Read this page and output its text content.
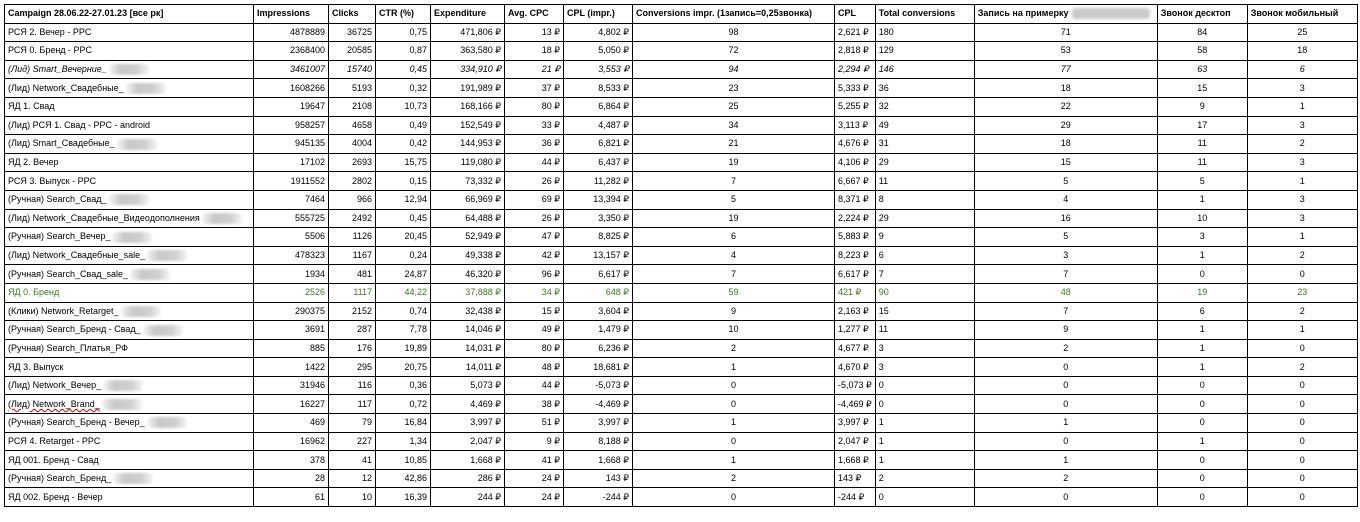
Campaign 28.06.22-27.01.23 [все рк]	Impressions	Clicks	CTR (%)	Expenditure	Avg. CPC	CPL (impr.)	Conversions impr. (1запись=0,25звонка)	CPL	Total conversions	Запись на примерку	Звонок десктоп	Звонок мобильный
РСЯ 2. Вечер - PPC	4878889	36725	0,75	471,806 ₽	13 ₽	4,802 ₽	98	2,621 ₽	180	71	84	25
РСЯ 0. Бренд - PPC	2368400	20585	0,87	363,580 ₽	18 ₽	5,050 ₽	72	2,818 ₽	129	53	58	18
(Лид) Smart_Вечерние_	3461007	15740	0,45	334,910 ₽	21 ₽	3,553 ₽	94	2,294 ₽	146	77	63	6
(Лид) Network_Свадебные_	1608266	5193	0,32	191,989 ₽	37 ₽	8,533 ₽	23	5,333 ₽	36	18	15	3
ЯД 1. Свад	19647	2108	10,73	168,166 ₽	80 ₽	6,864 ₽	25	5,255 ₽	32	22	9	1
(Лид) РСЯ 1. Свад - PPC - android	958257	4658	0,49	152,549 ₽	33 ₽	4,487 ₽	34	3,113 ₽	49	29	17	3
(Лид) Smart_Свадебные_	945135	4004	0,42	144,953 ₽	36 ₽	6,821 ₽	21	4,676 ₽	31	18	11	2
ЯД 2. Вечер	17102	2693	15,75	119,080 ₽	44 ₽	6,437 ₽	19	4,106 ₽	29	15	11	3
РСЯ 3. Выпуск - PPC	1911552	2802	0,15	73,332 ₽	26 ₽	11,282 ₽	7	6,667 ₽	11	5	5	1
(Ручная) Search_Свад_	7464	966	12,94	66,969 ₽	69 ₽	13,394 ₽	5	8,371 ₽	8	4	1	3
(Лид) Network_Свадебные_Видеодополнения	555725	2492	0,45	64,488 ₽	26 ₽	3,350 ₽	19	2,224 ₽	29	16	10	3
(Ручная) Search_Вечер_	5506	1126	20,45	52,949 ₽	47 ₽	8,825 ₽	6	5,883 ₽	9	5	3	1
(Лид) Network_Свадебные_sale_	478323	1167	0,24	49,338 ₽	42 ₽	13,157 ₽	4	8,223 ₽	6	3	1	2
(Ручная) Search_Свад_sale_	1934	481	24,87	46,320 ₽	96 ₽	6,617 ₽	7	6,617 ₽	7	7	0	0
ЯД 0. Бренд	2526	1117	44,22	37,888 ₽	34 ₽	648 ₽	59	421 ₽	90	48	19	23
(Клики) Network_Retarget_	290375	2152	0,74	32,438 ₽	15 ₽	3,604 ₽	9	2,163 ₽	15	7	6	2
(Ручная) Search_Бренд - Свад_	3691	287	7,78	14,046 ₽	49 ₽	1,479 ₽	10	1,277 ₽	11	9	1	1
(Ручная) Search_Платья_РФ	885	176	19,89	14,031 ₽	80 ₽	6,236 ₽	2	4,677 ₽	3	2	1	0
ЯД 3. Выпуск	1422	295	20,75	14,011 ₽	48 ₽	18,681 ₽	1	4,670 ₽	3	0	1	2
(Лид) Network_Вечер_	31946	116	0,36	5,073 ₽	44 ₽	-5,073 ₽	0	-5,073 ₽	0	0	0	0
(Лид) Network_Brand_	16227	117	0,72	4,469 ₽	38 ₽	-4,469 ₽	0	-4,469 ₽	0	0	0	0
(Ручная) Search_Бренд - Вечер_	469	79	16,84	3,997 ₽	51 ₽	3,997 ₽	1	3,997 ₽	1	1	0	0
РСЯ 4. Retarget - PPC	16962	227	1,34	2,047 ₽	9 ₽	8,188 ₽	0	2,047 ₽	1	0	1	0
ЯД 001. Бренд - Свад	378	41	10,85	1,668 ₽	41 ₽	1,668 ₽	1	1,668 ₽	1	1	0	0
(Ручная) Search_Бренд_	28	12	42,86	286 ₽	24 ₽	143 ₽	2	143 ₽	2	2	0	0
ЯД 002. Бренд - Вечер	61	10	16,39	244 ₽	24 ₽	-244 ₽	0	-244 ₽	0	0	0	0
